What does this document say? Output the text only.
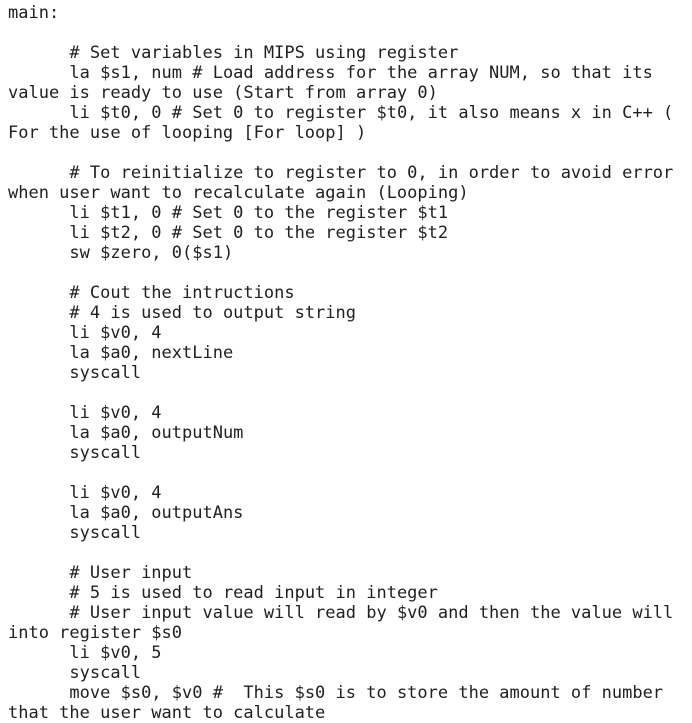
main:

# Set variables in MIPS using register
la $s1, num # Load address for the array NUM, so that its value is ready to use (Start from array 0)
li $t0, 0 # Set 0 to register $t0, it also means x in C++ ( For the use of looping [For loop] )

# To reinitialize to register to 0, in order to avoid error when user want to recalculate again (Looping)
li $t1, 0 # Set 0 to the register $t1
li $t2, 0 # Set 0 to the register $t2
sw $zero, 0($s1)

# Cout the intructions
# 4 is used to output string
li $v0, 4
la $a0, nextLine
syscall

li $v0, 4
la $a0, outputNum
syscall

li $v0, 4
la $a0, outputAns
syscall

# User input
# 5 is used to read input in integer
# User input value will read by $v0 and then the value will into register $s0
li $v0, 5
syscall
move $s0, $v0 #  This $s0 is to store the amount of number that the user want to calculate
